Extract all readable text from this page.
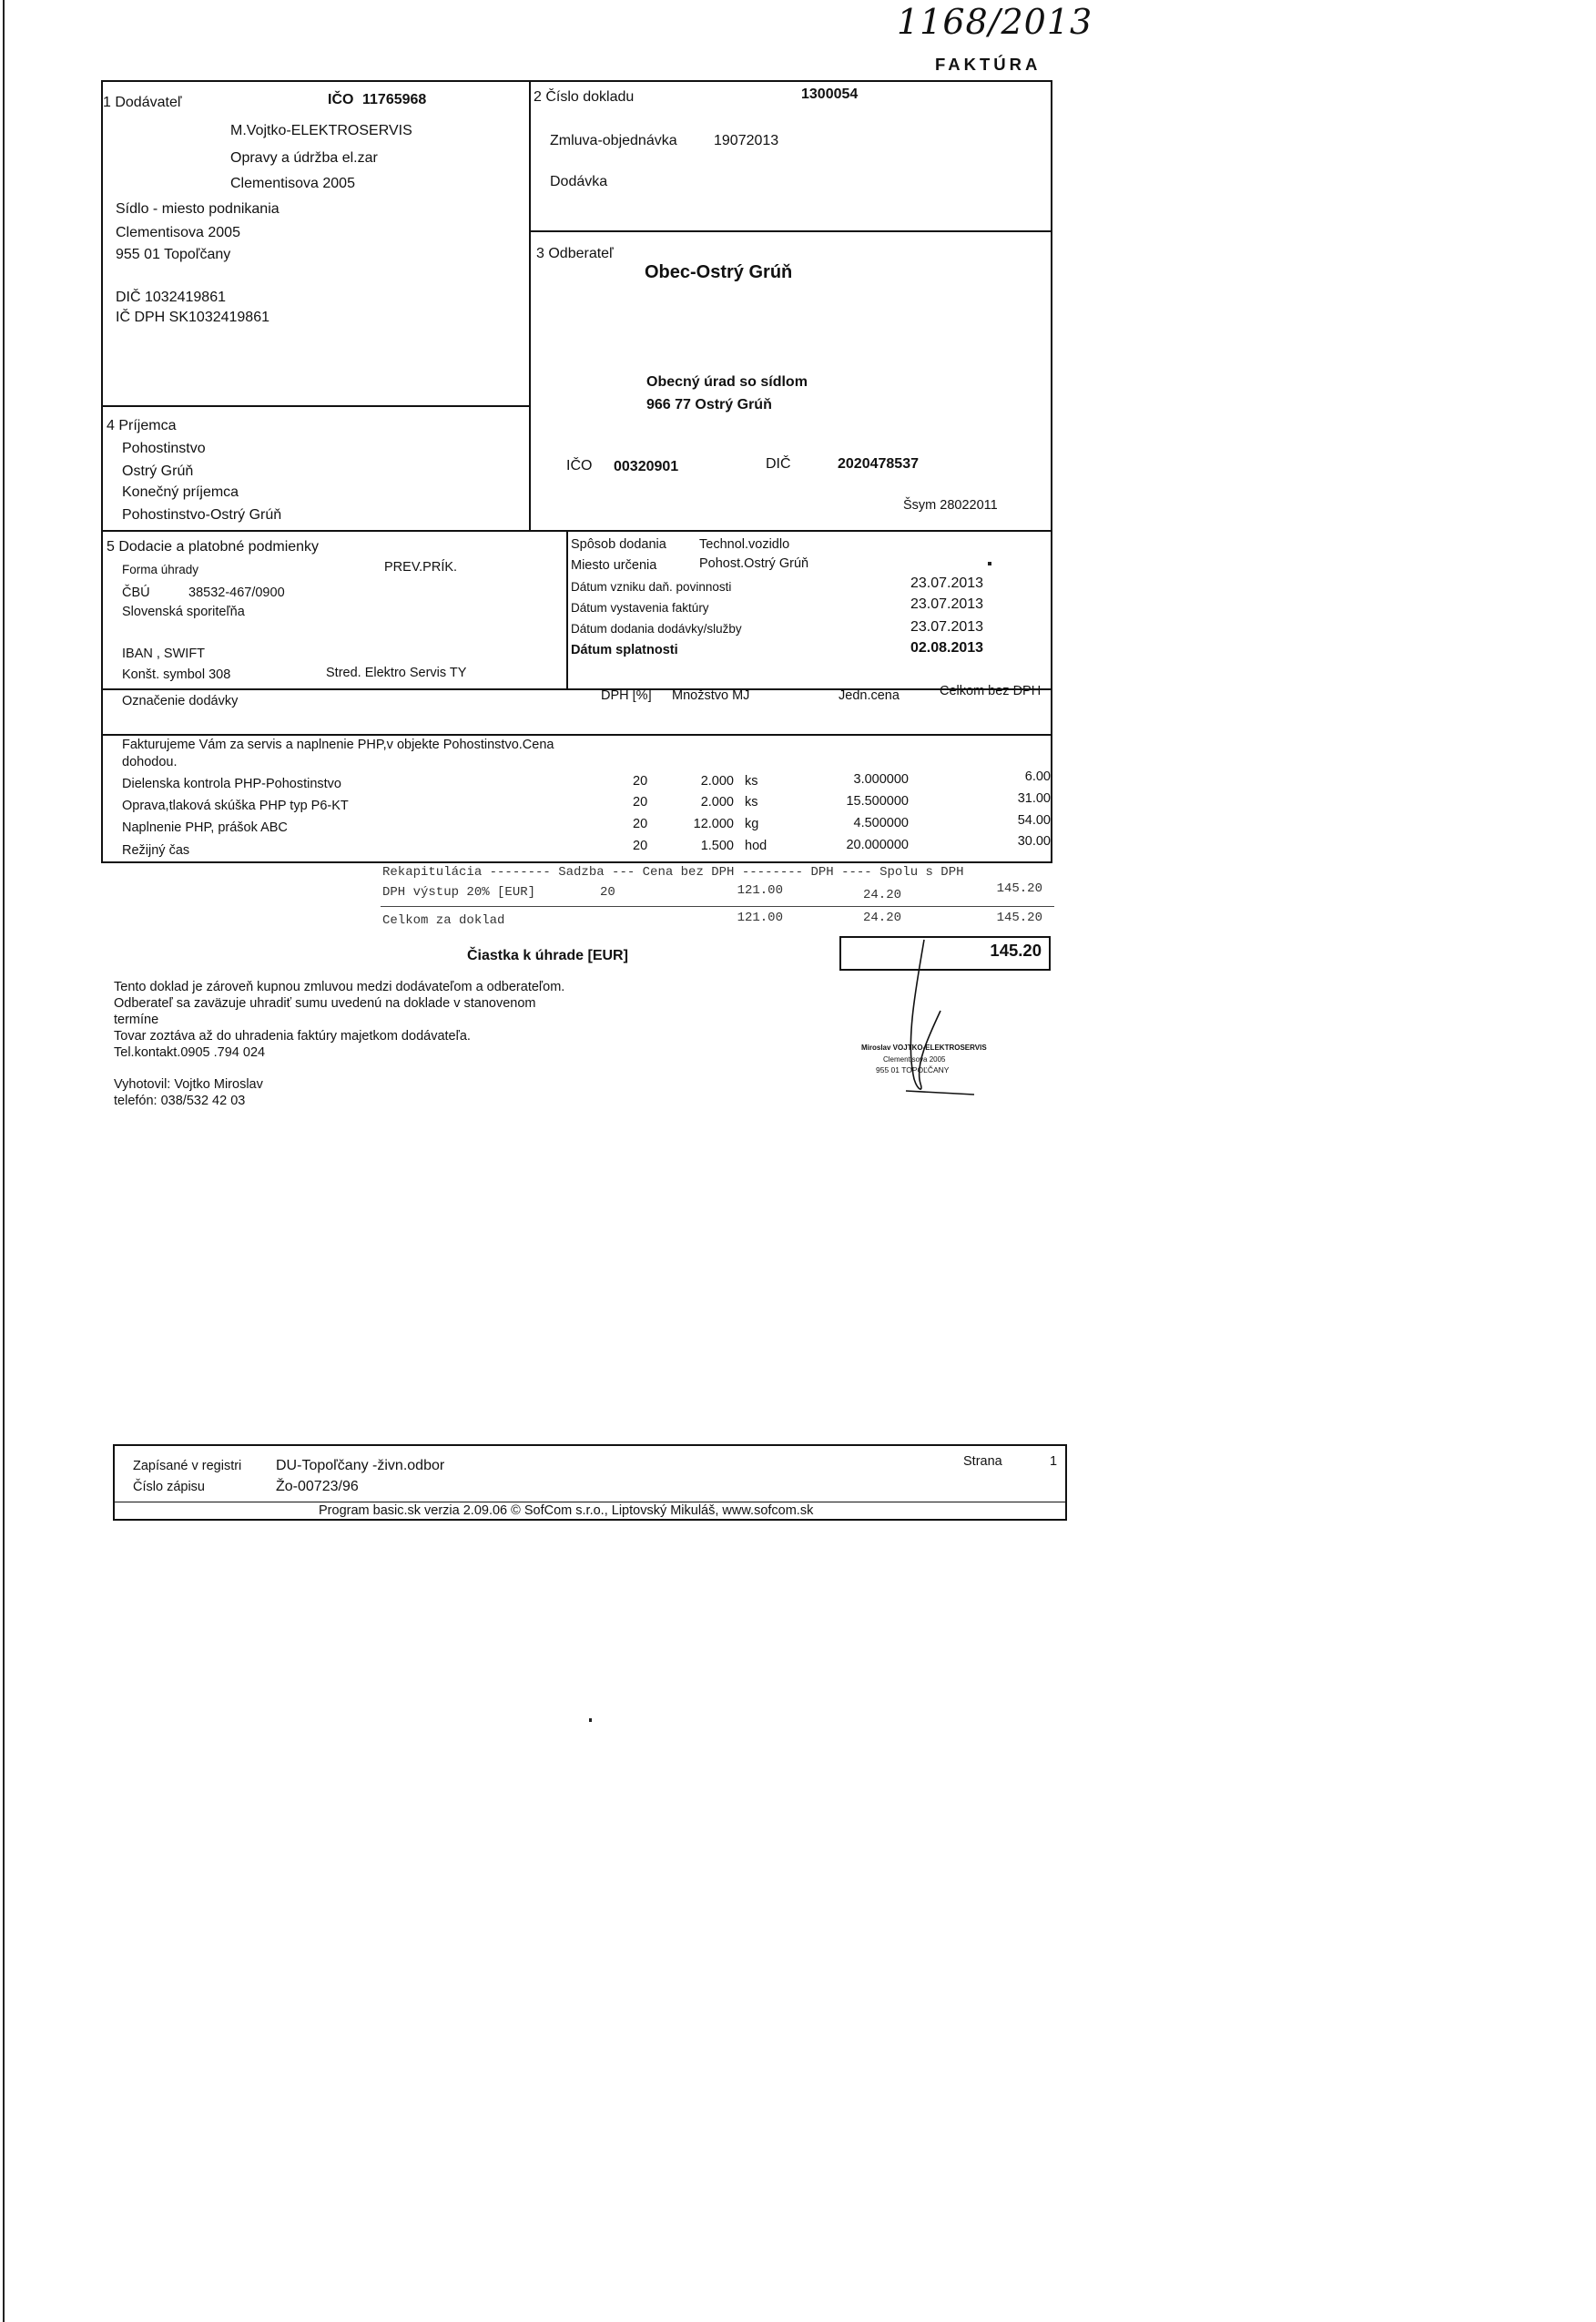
1168/2013
FAKTÚRA
1 Dodávateľ	IČO 11765968
M.Vojtko-ELEKTROSERVIS
Opravy a údržba el.zar
Clementisova 2005
Sídlo - miesto podnikania
Clementisova 2005
955 01 Topoľčany
DIČ 1032419861
IČ DPH SK1032419861
2 Číslo dokladu	1300054
Zmluva-objednávka	19072013
Dodávka
3 Odberateľ
Obec-Ostrý Grúň
Obecný úrad so sídlom
966 77 Ostrý Grúň
IČO 00320901	DIČ	2020478537
Šsym 28022011
4 Príjemca
Pohostinstvo
Ostrý Grúň
Konečný príjemca
Pohostinstvo-Ostrý Grúň
5 Dodacie a platobné podmienky
Forma úhrady	PREV.PRÍK.
ČBÚ	38532-467/0900
Slovenská sporiteľňa
IBAN , SWIFT
Konšt. symbol 308	Stred. Elektro Servis TY
Spôsob dodania Technol.vozidlo
Miesto určenia	Pohost.Ostrý Grúň
Dátum vzniku daň. povinnosti	23.07.2013
Dátum vystavenia faktúry	23.07.2013
Dátum dodania dodávky/služby	23.07.2013
Dátum splatnosti	02.08.2013
Označenie dodávky	DPH [%] Množstvo MJ	Jedn.cena	Celkom bez DPH
Fakturujeme Vám za servis a naplnenie PHP,v objekte Pohostinstvo.Cena
dohodou.
Dielenska kontrola PHP-Pohostinstvo	20	2.000 ks	3.000000	6.00
Oprava,tlaková skúška PHP typ P6-KT	20	2.000 ks	15.500000	31.00
Naplnenie PHP, prášok ABC	20	12.000 kg	4.500000	54.00
Režijný čas	20	1.500 hod	20.000000	30.00
Rekapitulácia -------- Sadzba --- Cena bez DPH -------- DPH ---- Spolu s DPH
DPH výstup 20% [EUR]	20	121.00	24.20	145.20
Celkom za doklad	121.00	24.20	145.20
Čiastka k úhrade [EUR]	145.20
Tento doklad je zároveň kupnou zmluvou medzi dodávateľom a odberateľom.
Odberateľ sa zaväzuje uhradiť sumu uvedenú na doklade v stanovenom
termíne
Tovar zoztáva až do uhradenia faktúry majetkom dodávateľa.
Tel.kontakt.0905 .794 024
Vyhotovil: Vojtko Miroslav
telefón: 038/532 42 03
Miroslav VOJTKO-ELEKTROSERVIS
Clementisova 2005
955 01 TOPOĽČANY
Zapísané v registri DU-Topoľčany -živn.odbor
Číslo zápisu	Žo-00723/96
Strana	1
Program basic.sk verzia 2.09.06 © SofCom s.r.o., Liptovský Mikuláš, www.sofcom.sk
